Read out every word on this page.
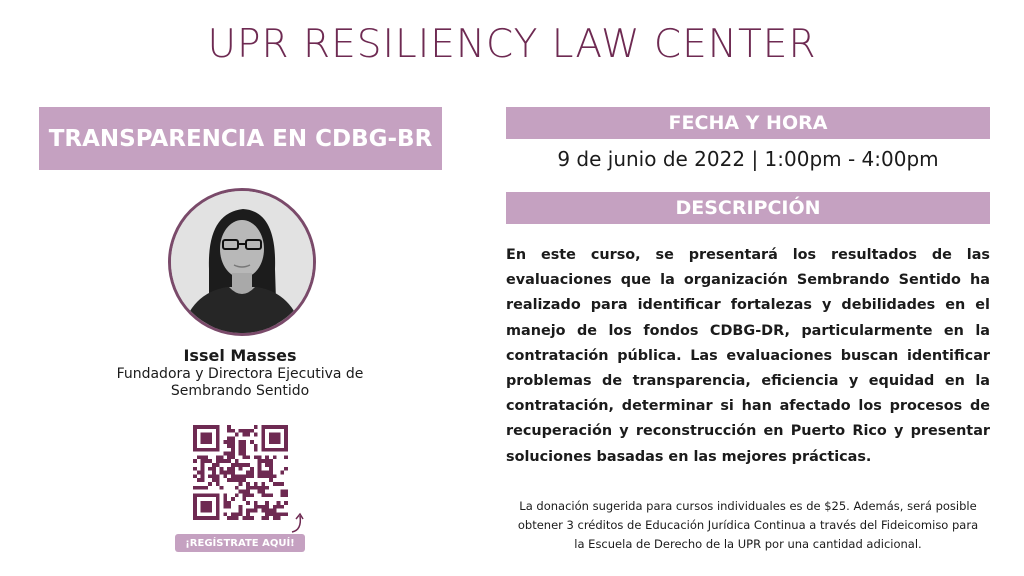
UPR RESILIENCY LAW CENTER
TRANSPARENCIA EN CDBG-BR
Issel Masses
Fundadora y Directora Ejecutiva de
Sembrando Sentido
¡REGÍSTRATE AQUÍ!
FECHA Y HORA
9 de junio de 2022 | 1:00pm - 4:00pm
DESCRIPCIÓN
En este curso, se presentará los resultados de las evaluaciones que la organización Sembrando Sentido ha realizado para identificar fortalezas y debilidades en el manejo de los fondos CDBG-DR, particularmente en la contratación pública. Las evaluaciones buscan identificar problemas de transparencia, eficiencia y equidad en la contratación, determinar si han afectado los procesos de recuperación y reconstrucción en Puerto Rico y presentar soluciones basadas en las mejores prácticas.
La donación sugerida para cursos individuales es de $25. Además, será posible
obtener 3 créditos de Educación Jurídica Continua a través del Fideicomiso para
la Escuela de Derecho de la UPR por una cantidad adicional.
